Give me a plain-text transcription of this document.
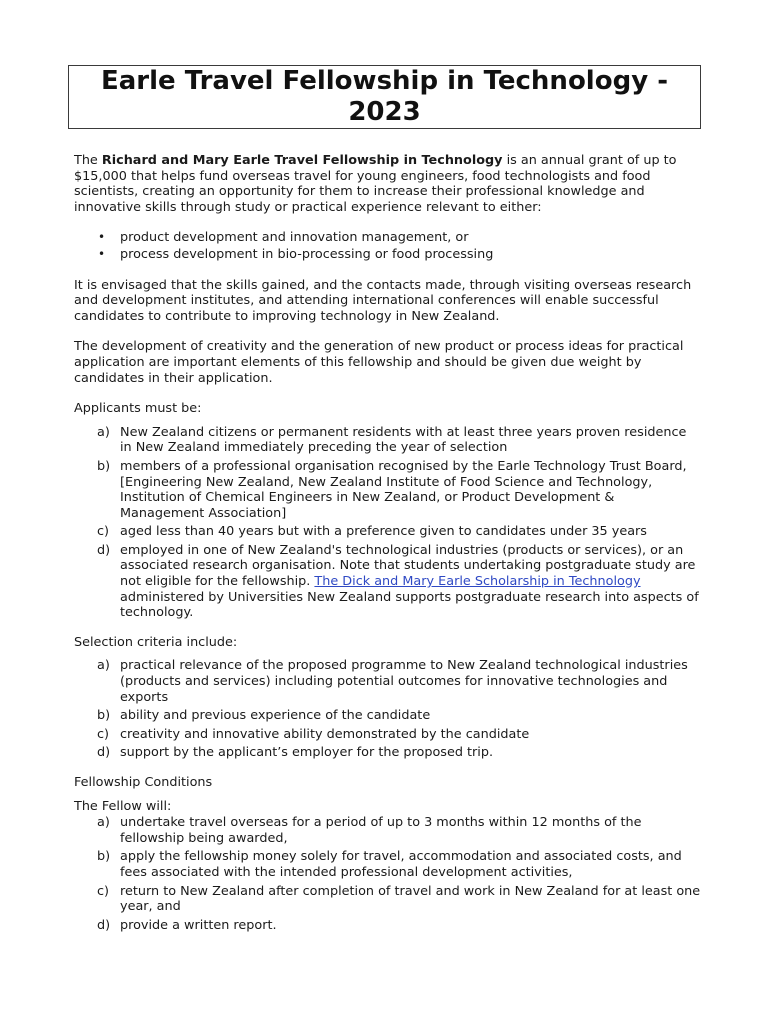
Earle Travel Fellowship in Technology - 2023

The Richard and Mary Earle Travel Fellowship in Technology is an annual grant of up to $15,000 that helps fund overseas travel for young engineers, food technologists and food scientists, creating an opportunity for them to increase their professional knowledge and innovative skills through study or practical experience relevant to either:

• product development and innovation management, or
• process development in bio-processing or food processing

It is envisaged that the skills gained, and the contacts made, through visiting overseas research and development institutes, and attending international conferences will enable successful candidates to contribute to improving technology in New Zealand.

The development of creativity and the generation of new product or process ideas for practical application are important elements of this fellowship and should be given due weight by candidates in their application.

Applicants must be:

a) New Zealand citizens or permanent residents with at least three years proven residence in New Zealand immediately preceding the year of selection
b) members of a professional organisation recognised by the Earle Technology Trust Board, [Engineering New Zealand, New Zealand Institute of Food Science and Technology, Institution of Chemical Engineers in New Zealand, or Product Development & Management Association]
c) aged less than 40 years but with a preference given to candidates under 35 years
d) employed in one of New Zealand's technological industries (products or services), or an associated research organisation. Note that students undertaking postgraduate study are not eligible for the fellowship. The Dick and Mary Earle Scholarship in Technology administered by Universities New Zealand supports postgraduate research into aspects of technology.

Selection criteria include:

a) practical relevance of the proposed programme to New Zealand technological industries (products and services) including potential outcomes for innovative technologies and exports
b) ability and previous experience of the candidate
c) creativity and innovative ability demonstrated by the candidate
d) support by the applicant’s employer for the proposed trip.

Fellowship Conditions

The Fellow will:

a) undertake travel overseas for a period of up to 3 months within 12 months of the fellowship being awarded,
b) apply the fellowship money solely for travel, accommodation and associated costs, and fees associated with the intended professional development activities,
c) return to New Zealand after completion of travel and work in New Zealand for at least one year, and
d) provide a written report.
